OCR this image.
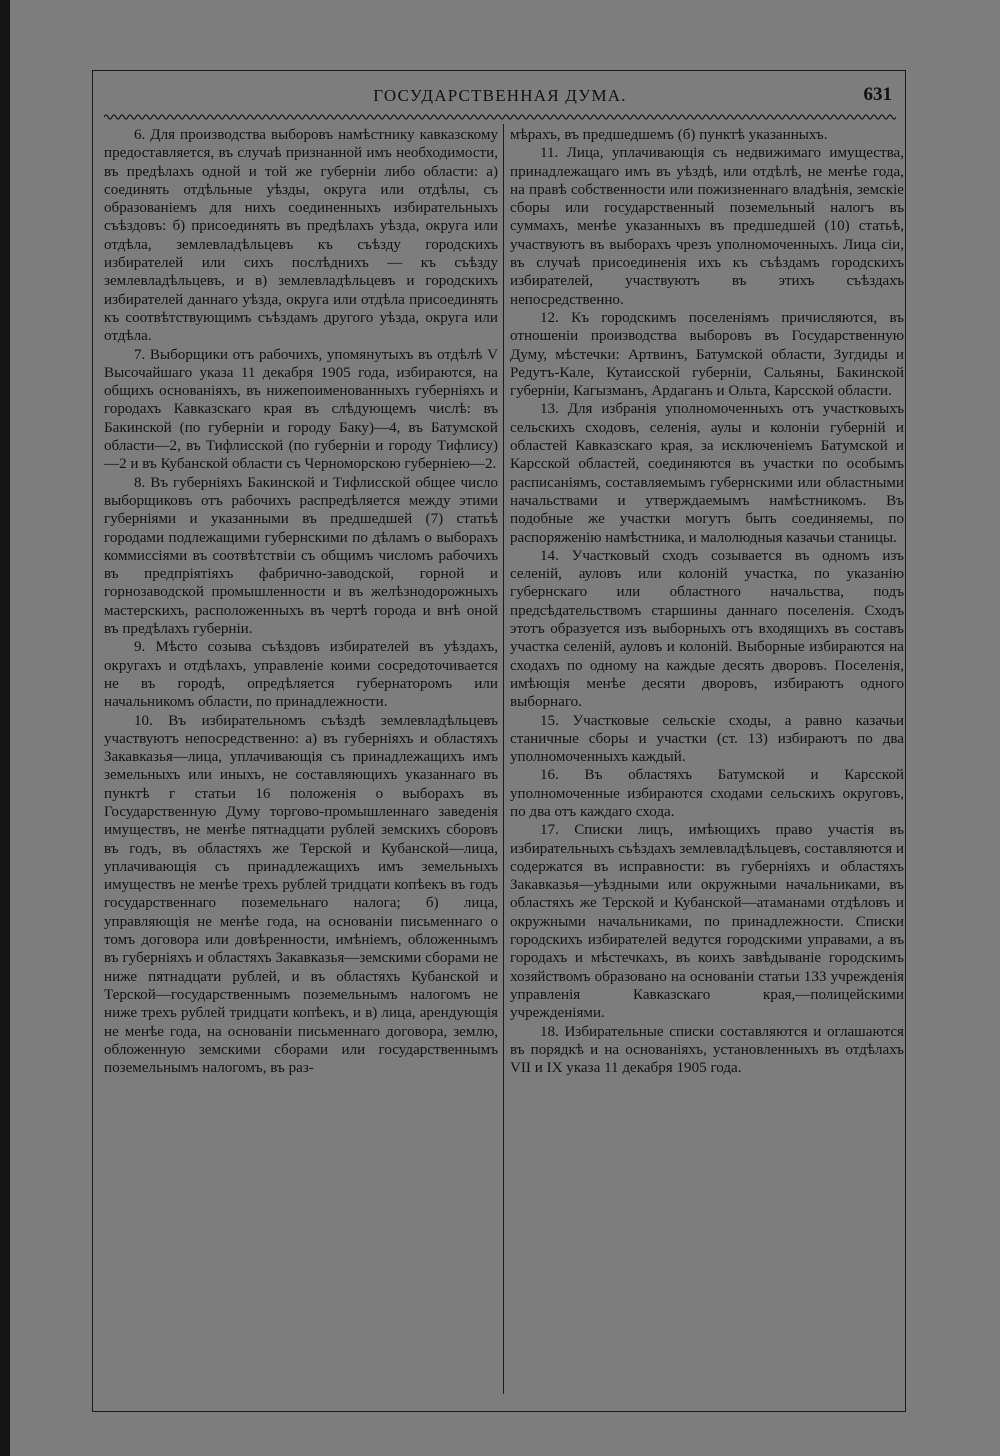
ГОСУДАРСТВЕННАЯ ДУМА.	631

6. Для производства выборовъ намѣстнику кавказскому предоставляется, въ случаѣ признанной имъ необходимости, въ предѣлахъ одной и той же губерніи либо области: а) соединять отдѣльные уѣзды, округа или отдѣлы, съ образованіемъ для нихъ соединенныхъ избирательныхъ съѣздовъ: б) присоединять въ предѣлахъ уѣзда, округа или отдѣла, землевладѣльцевъ къ съѣзду городскихъ избирателей или сихъ послѣднихъ — къ съѣзду землевладѣльцевъ, и в) землевладѣльцевъ и городскихъ избирателей даннаго уѣзда, округа или отдѣла присоединять къ соотвѣтствующимъ съѣздамъ другого уѣзда, округа или отдѣла.

7. Выборщики отъ рабочихъ, упомянутыхъ въ отдѣлѣ V Высочайшаго указа 11 декабря 1905 года, избираются, на общихъ основаніяхъ, въ нижепоименованныхъ губерніяхъ и городахъ Кавказскаго края въ слѣдующемъ числѣ: въ Бакинской (по губерніи и городу Баку)—4, въ Батумской области—2, въ Тифлисской (по губерніи и городу Тифлису)—2 и въ Кубанской области съ Черноморскою губерніею—2.

8. Въ губерніяхъ Бакинской и Тифлисской общее число выборщиковъ отъ рабочихъ распредѣляется между этими губерніями и указанными въ предшедшей (7) статьѣ городами подлежащими губернскими по дѣламъ о выборахъ коммиссіями въ соотвѣтствіи съ общимъ числомъ рабочихъ въ предпріятіяхъ фабрично-заводской, горной и горнозаводской промышленности и въ желѣзнодорожныхъ мастерскихъ, расположенныхъ въ чертѣ города и внѣ оной въ предѣлахъ губерніи.

9. Мѣсто созыва съѣздовъ избирателей въ уѣздахъ, округахъ и отдѣлахъ, управленіе коими сосредоточивается не въ городѣ, опредѣляется губернаторомъ или начальникомъ области, по принадлежности.

10. Въ избирательномъ съѣздѣ землевладѣльцевъ участвуютъ непосредственно: а) въ губерніяхъ и областяхъ Закавказья—лица, уплачивающія съ принадлежащихъ имъ земельныхъ или иныхъ, не составляющихъ указаннаго въ пунктѣ г статьи 16 положенія о выборахъ въ Государственную Думу торгово-промышленнаго заведенія имуществъ, не менѣе пятнадцати рублей земскихъ сборовъ въ годъ, въ областяхъ же Терской и Кубанской—лица, уплачивающія съ принадлежащихъ имъ земельныхъ имуществъ не менѣе трехъ рублей тридцати копѣекъ въ годъ государственнаго поземельнаго налога; б) лица, управляющія не менѣе года, на основаніи письменнаго о томъ договора или довѣренности, имѣніемъ, обложеннымъ въ губерніяхъ и областяхъ Закавказья—земскими сборами не ниже пятнадцати рублей, и въ областяхъ Кубанской и Терской—государственнымъ поземельнымъ налогомъ не ниже трехъ рублей тридцати копѣекъ, и в) лица, арендующія не менѣе года, на основаніи письменнаго договора, землю, обложенную земскими сборами или государственнымъ поземельнымъ налогомъ, въ раз-

мѣрахъ, въ предшедшемъ (б) пунктѣ указанныхъ.

11. Лица, уплачивающія съ недвижимаго имущества, принадлежащаго имъ въ уѣздѣ, или отдѣлѣ, не менѣе года, на правѣ собственности или пожизненнаго владѣнія, земскіе сборы или государственный поземельный налогъ въ суммахъ, менѣе указанныхъ въ предшедшей (10) статьѣ, участвуютъ въ выборахъ чрезъ уполномоченныхъ. Лица сіи, въ случаѣ присоединенія ихъ къ съѣздамъ городскихъ избирателей, участвуютъ въ этихъ съѣздахъ непосредственно.

12. Къ городскимъ поселеніямъ причисляются, въ отношеніи производства выборовъ въ Государственную Думу, мѣстечки: Артвинъ, Батумской области, Зугдиды и Редутъ-Кале, Кутаисской губерніи, Сальяны, Бакинской губерніи, Кагызманъ, Ардаганъ и Ольта, Карсской области.

13. Для избранія уполномоченныхъ отъ участковыхъ сельскихъ сходовъ, селенія, аулы и колоніи губерній и областей Кавказскаго края, за исключеніемъ Батумской и Карсской областей, соединяются въ участки по особымъ расписаніямъ, составляемымъ губернскими или областными начальствами и утверждаемымъ намѣстникомъ. Въ подобные же участки могутъ быть соединяемы, по распоряженію намѣстника, и малолюдныя казачьи станицы.

14. Участковый сходъ созывается въ одномъ изъ селеній, ауловъ или колоній участка, по указанію губернскаго или областного начальства, подъ предсѣдательствомъ старшины даннаго поселенія. Сходъ этотъ образуется изъ выборныхъ отъ входящихъ въ составъ участка селеній, ауловъ и колоній. Выборные избираются на сходахъ по одному на каждые десять дворовъ. Поселенія, имѣющія менѣе десяти дворовъ, избираютъ одного выборнаго.

15. Участковые сельскіе сходы, а равно казачьи станичные сборы и участки (ст. 13) избираютъ по два уполномоченныхъ каждый.

16. Въ областяхъ Батумской и Карсской уполномоченные избираются сходами сельскихъ округовъ, по два отъ каждаго схода.

17. Списки лицъ, имѣющихъ право участія въ избирательныхъ съѣздахъ землевладѣльцевъ, составляются и содержатся въ исправности: въ губерніяхъ и областяхъ Закавказья—уѣздными или окружными начальниками, въ областяхъ же Терской и Кубанской—атаманами отдѣловъ и окружными начальниками, по принадлежности. Списки городскихъ избирателей ведутся городскими управами, а въ городахъ и мѣстечкахъ, въ коихъ завѣдываніе городскимъ хозяйствомъ образовано на основаніи статьи 133 учрежденія управленія Кавказскаго края,—полицейскими учрежденіями.

18. Избирательные списки составляются и оглашаются въ порядкѣ и на основаніяхъ, установленныхъ въ отдѣлахъ VII и IX указа 11 декабря 1905 года.
